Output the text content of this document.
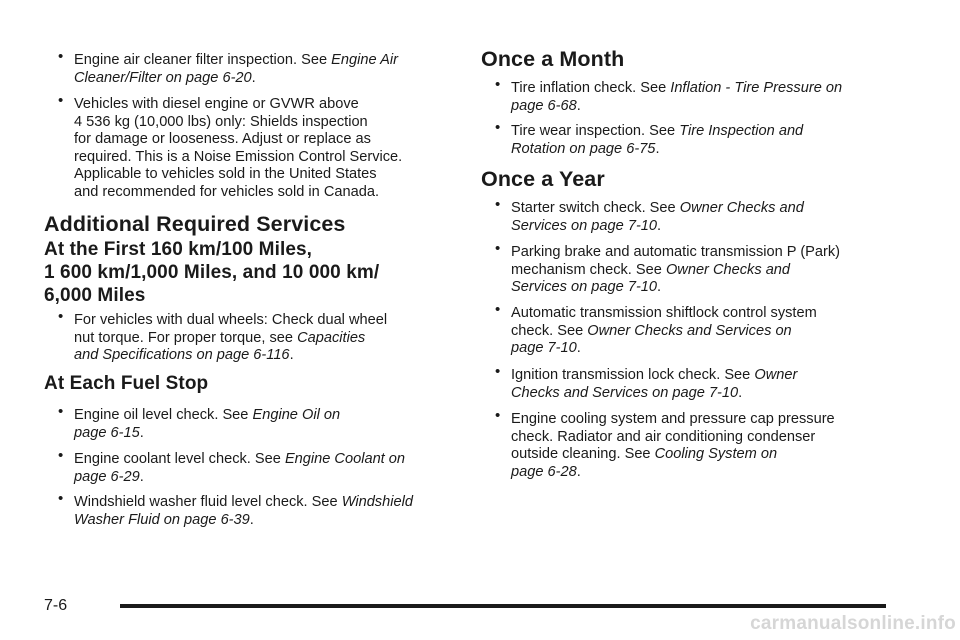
• Engine air cleaner filter inspection. See Engine Air
Cleaner/Filter on page 6-20.
• Vehicles with diesel engine or GVWR above
4 536 kg (10,000 lbs) only: Shields inspection
for damage or looseness. Adjust or replace as
required. This is a Noise Emission Control Service.
Applicable to vehicles sold in the United States
and recommended for vehicles sold in Canada.
Additional Required Services
At the First 160 km/100 Miles,
1 600 km/1,000 Miles, and 10 000 km/
6,000 Miles
• For vehicles with dual wheels: Check dual wheel
nut torque. For proper torque, see Capacities
and Specifications on page 6-116.
At Each Fuel Stop
• Engine oil level check. See Engine Oil on
page 6-15.
• Engine coolant level check. See Engine Coolant on
page 6-29.
• Windshield washer fluid level check. See Windshield
Washer Fluid on page 6-39.
Once a Month
• Tire inflation check. See Inflation - Tire Pressure on
page 6-68.
• Tire wear inspection. See Tire Inspection and
Rotation on page 6-75.
Once a Year
• Starter switch check. See Owner Checks and
Services on page 7-10.
• Parking brake and automatic transmission P (Park)
mechanism check. See Owner Checks and
Services on page 7-10.
• Automatic transmission shiftlock control system
check. See Owner Checks and Services on
page 7-10.
• Ignition transmission lock check. See Owner
Checks and Services on page 7-10.
• Engine cooling system and pressure cap pressure
check. Radiator and air conditioning condenser
outside cleaning. See Cooling System on
page 6-28.
7-6
carmanualsonline.info
